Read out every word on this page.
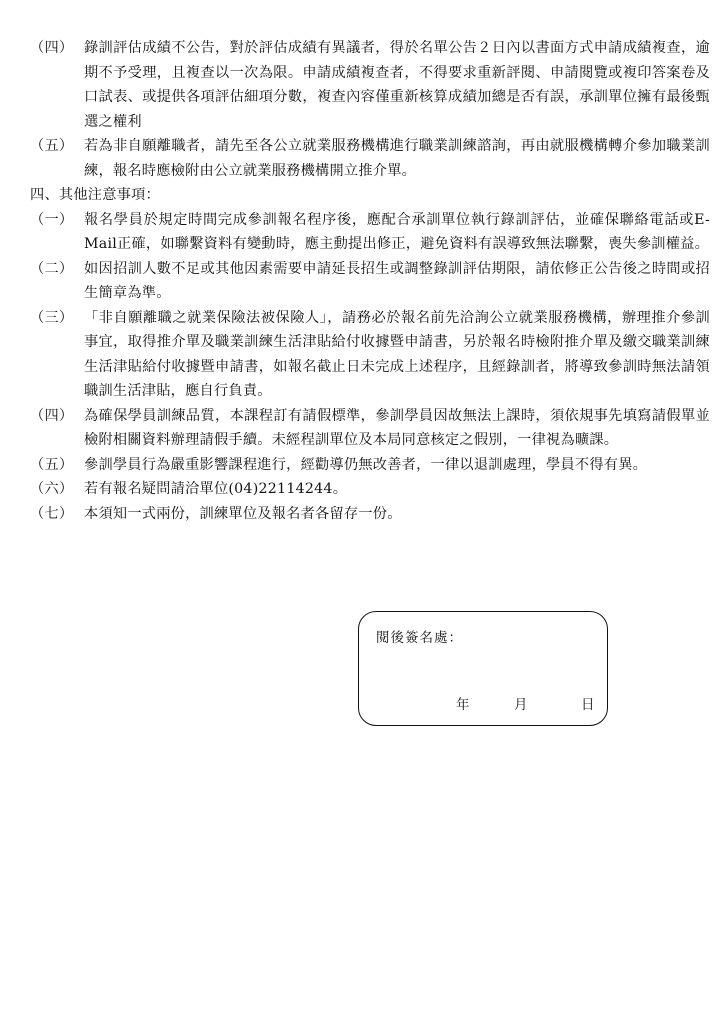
（四） 錄訓評估成績不公告，對於評估成績有異議者，得於名單公告２日內以書面方式申請成績複查，逾期不予受理，且複查以一次為限。申請成績複查者，不得要求重新評閱、申請閱覽或複印答案卷及口試表、或提供各項評估細項分數，複查內容僅重新核算成績加總是否有誤，承訓單位擁有最後甄選之權利
（五） 若為非自願離職者，請先至各公立就業服務機構進行職業訓練諮詢，再由就服機構轉介參加職業訓練，報名時應檢附由公立就業服務機構開立推介單。

四、其他注意事項：

（一） 報名學員於規定時間完成參訓報名程序後，應配合承訓單位執行錄訓評估，並確保聯絡電話或E-Mail正確，如聯繫資料有變動時，應主動提出修正，避免資料有誤導致無法聯繫，喪失參訓權益。
（二） 如因招訓人數不足或其他因素需要申請延長招生或調整錄訓評估期限，請依修正公告後之時間或招生簡章為準。
（三） 「非自願離職之就業保險法被保險人」，請務必於報名前先洽詢公立就業服務機構，辦理推介參訓事宜，取得推介單及職業訓練生活津貼給付收據暨申請書，另於報名時檢附推介單及繳交職業訓練生活津貼給付收據暨申請書，如報名截止日未完成上述程序，且經錄訓者，將導致參訓時無法請領職訓生活津貼，應自行負責。
（四） 為確保學員訓練品質，本課程訂有請假標準，參訓學員因故無法上課時，須依規事先填寫請假單並檢附相關資料辦理請假手續。未經程訓單位及本局同意核定之假別，一律視為曠課。
（五） 參訓學員行為嚴重影響課程進行，經勸導仍無改善者，一律以退訓處理，學員不得有異。
（六） 若有報名疑問請洽單位(04)22114244。
（七） 本須知一式兩份，訓練單位及報名者各留存一份。
閱後簽名處：
年	月	日
